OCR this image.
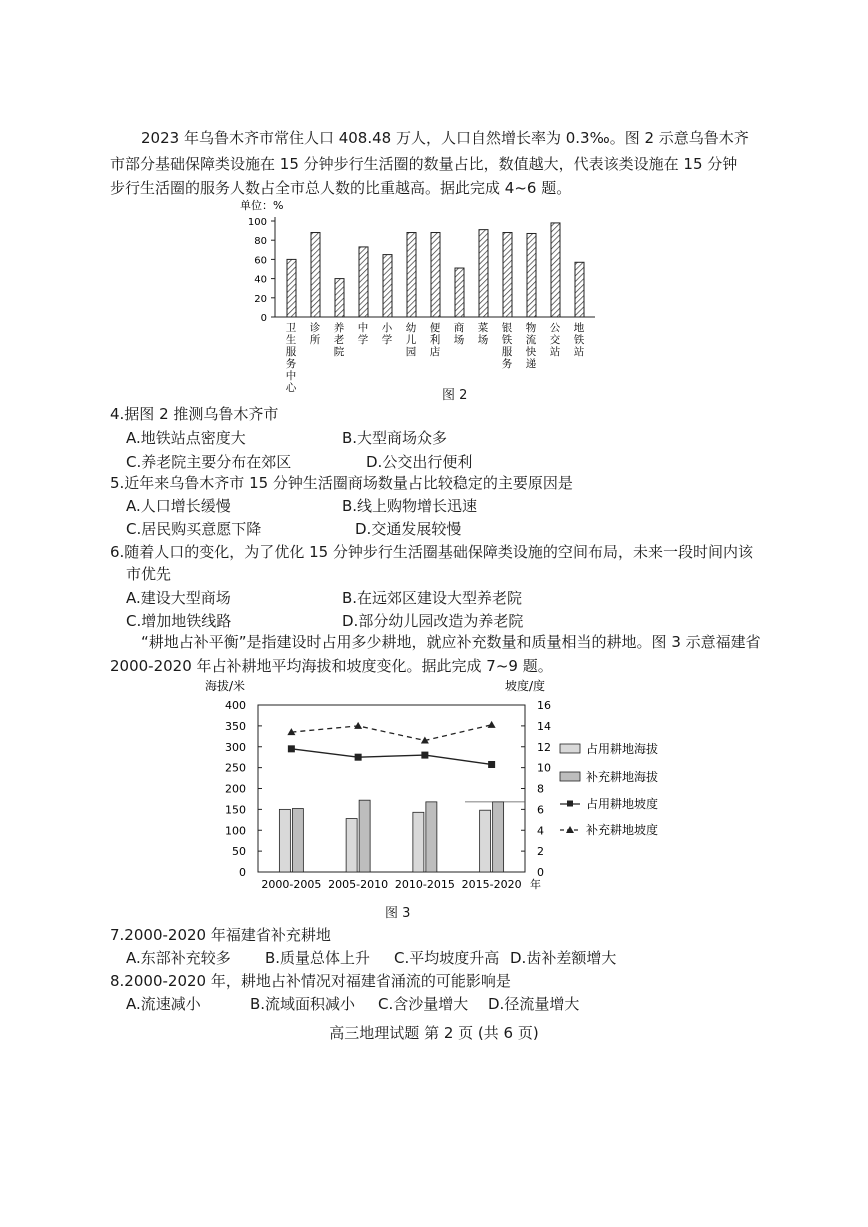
2023 年乌鲁木齐市常住人口 408.48 万人，人口自然增长率为 0.3‰。图 2 示意乌鲁木齐
市部分基础保障类设施在 15 分钟步行生活圈的数量占比，数值越大，代表该类设施在 15 分钟
步行生活圈的服务人数占全市总人数的比重越高。据此完成 4~6 题。
单位：%
0
20
40
60
80
100
卫生服务中心
诊所
养老院
中学
小学
幼儿园
便利店
商场
菜场
银铁服务
物流快递
公交站
地铁站
图 2
4.据图 2 推测乌鲁木齐市
A.地铁站点密度大	B.大型商场众多
C.养老院主要分布在郊区	D.公交出行便利
5.近年来乌鲁木齐市 15 分钟生活圈商场数量占比较稳定的主要原因是
A.人口增长缓慢	B.线上购物增长迅速
C.居民购买意愿下降	D.交通发展较慢
6.随着人口的变化，为了优化 15 分钟步行生活圈基础保障类设施的空间布局，未来一段时间内该
市优先
A.建设大型商场	B.在远郊区建设大型养老院
C.增加地铁线路	D.部分幼儿园改造为养老院
“耕地占补平衡”是指建设时占用多少耕地，就应补充数量和质量相当的耕地。图 3 示意福建省
2000-2020 年占补耕地平均海拔和坡度变化。据此完成 7~9 题。
海拔/米	坡度/度
0
50
100
150
200
250
300
350
400
0
2
4
6
8
10
12
14
16
2000-2005 2005-2010 2010-2015 2015-2020 年
占用耕地海拔
补充耕地海拔
占用耕地坡度
补充耕地坡度
图 3
7.2000-2020 年福建省补充耕地
A.东部补充较多 B.质量总体上升 C.平均坡度升高 D.齿补差额增大
8.2000-2020 年，耕地占补情况对福建省涌流的可能影响是
A.流速减小	B.流域面积减小 C.含沙量增大 D.径流量增大
高三地理试题 第 2 页 (共 6 页)
